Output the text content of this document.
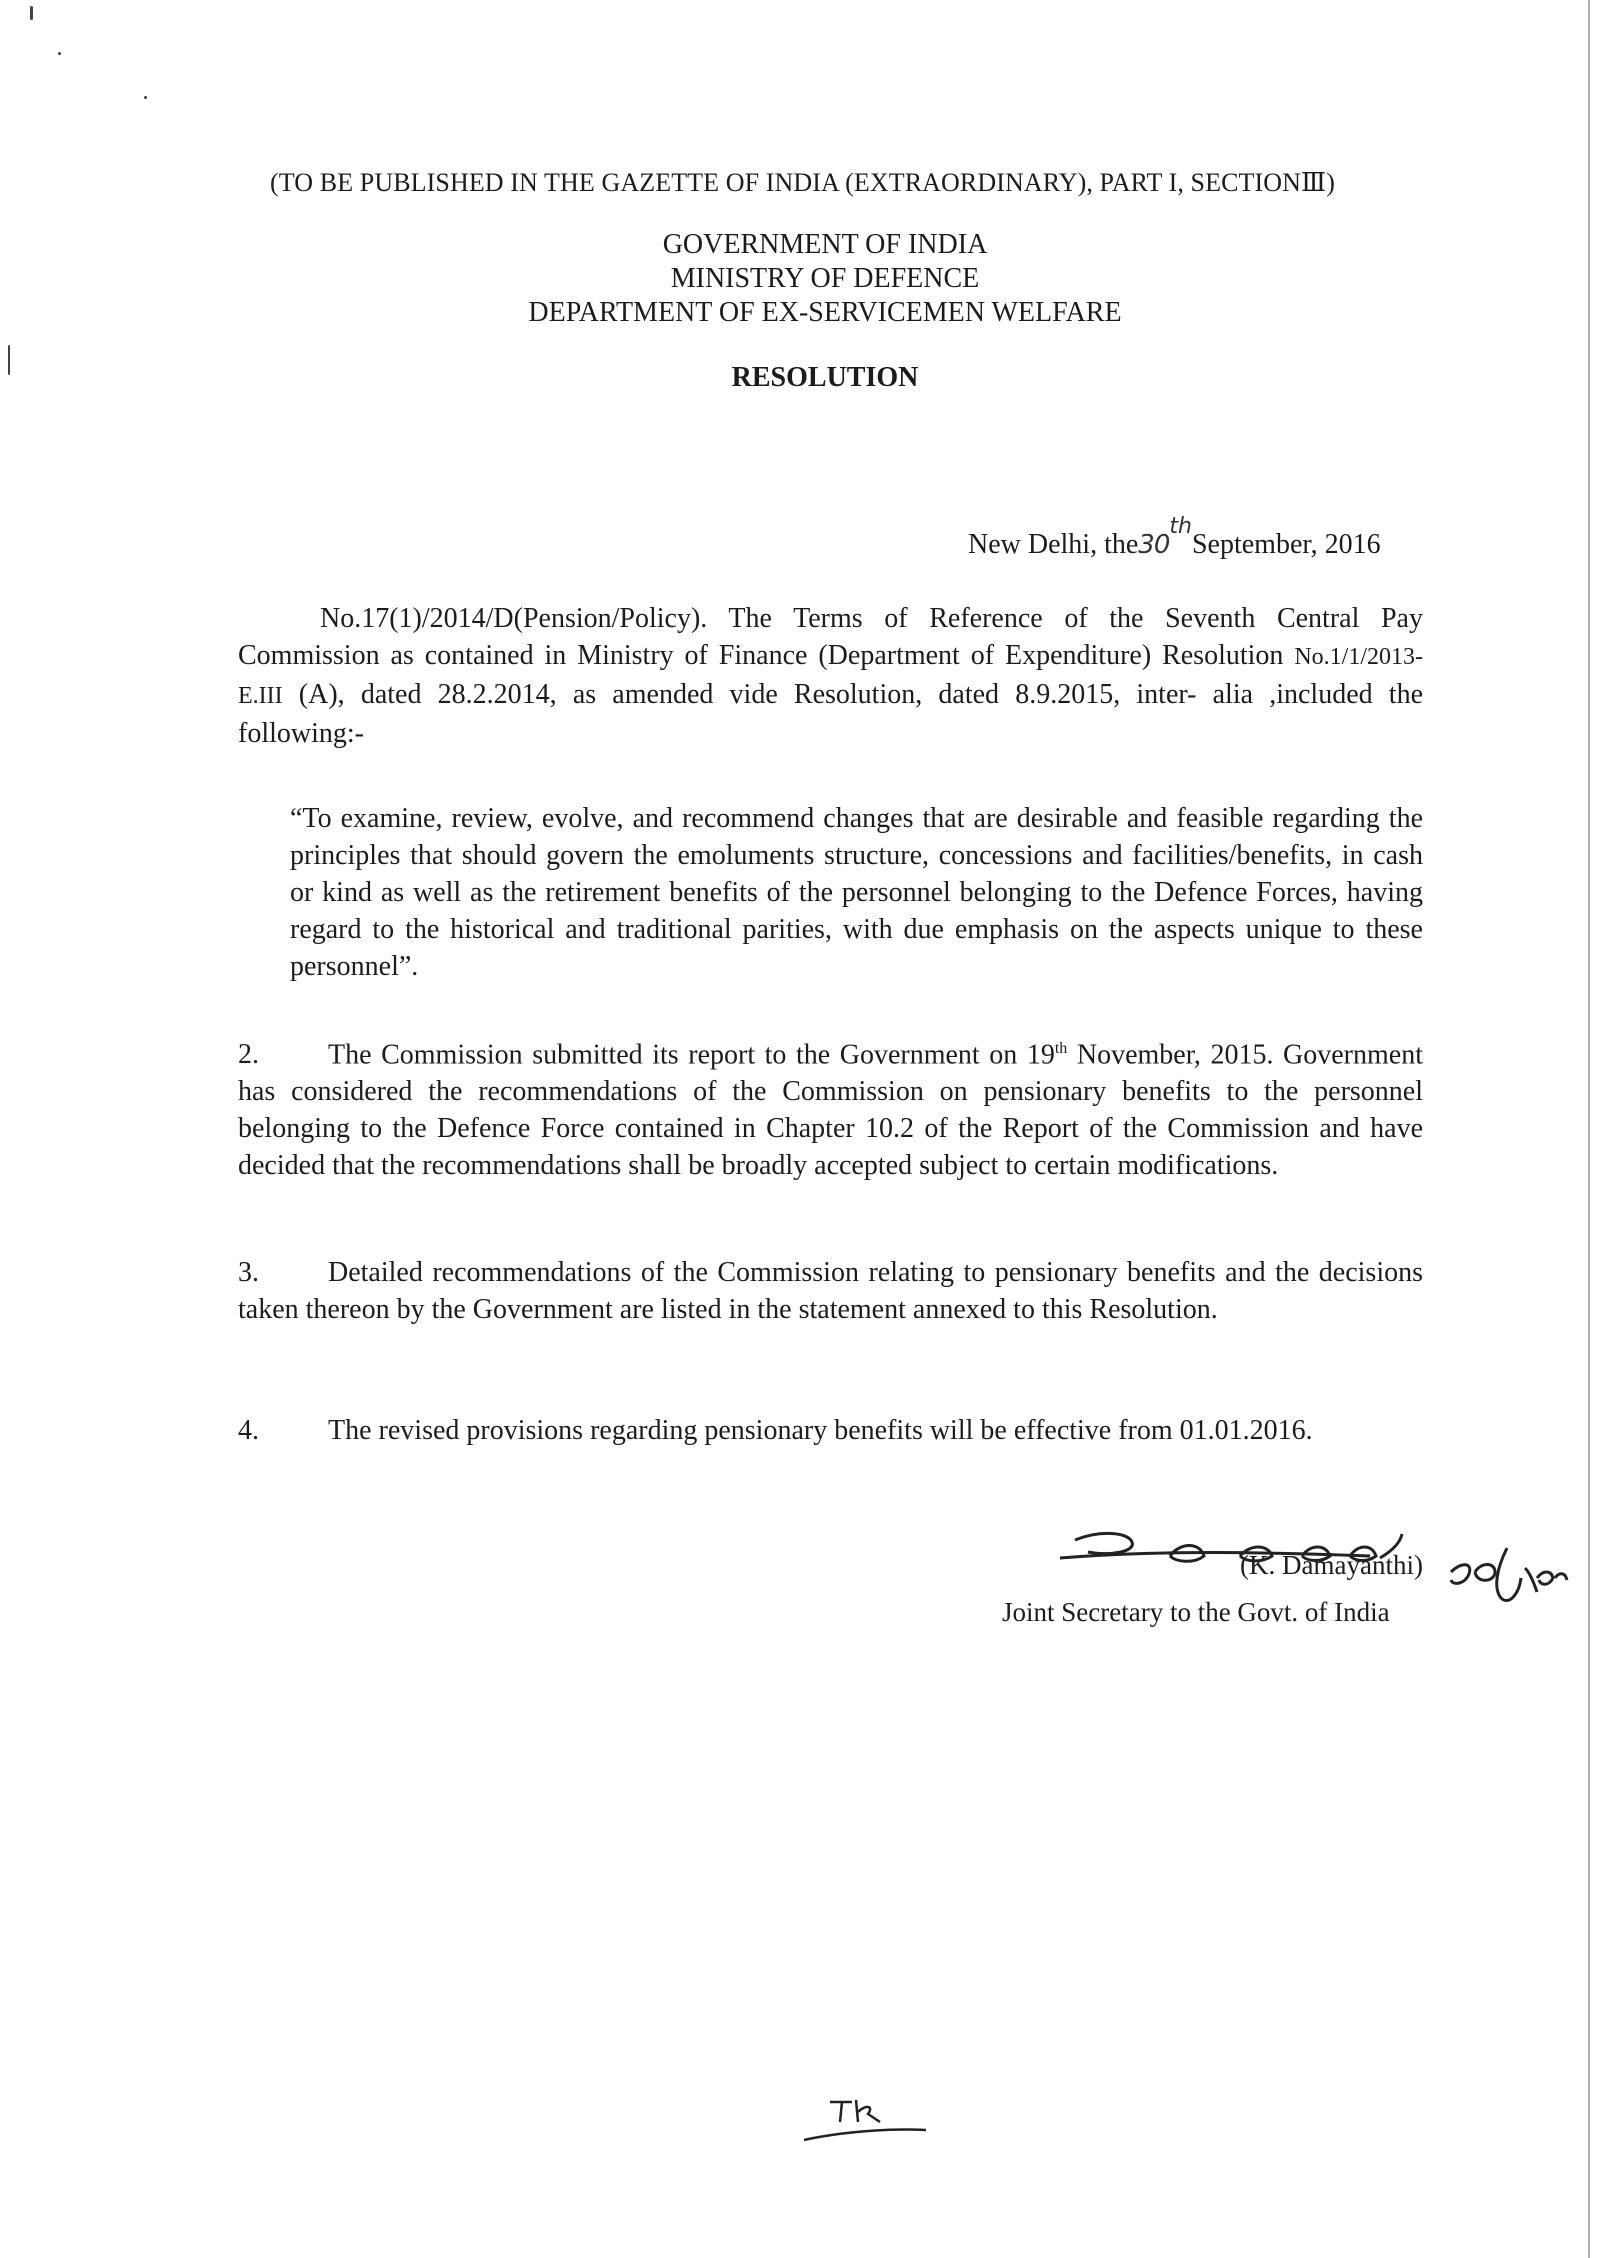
(TO BE PUBLISHED IN THE GAZETTE OF INDIA (EXTRAORDINARY), PART I, SECTIONⅢ)
GOVERNMENT OF INDIA
MINISTRY OF DEFENCE
DEPARTMENT OF EX-SERVICEMEN WELFARE
RESOLUTION
New Delhi, the30thSeptember, 2016
No.17(1)/2014/D(Pension/Policy). The Terms of Reference of the Seventh Central Pay Commission as contained in Ministry of Finance (Department of Expenditure) Resolution No.1/1/2013-E.III (A), dated 28.2.2014, as amended vide Resolution, dated 8.9.2015, inter- alia ,included the following:-
“To examine, review, evolve, and recommend changes that are desirable and feasible regarding the principles that should govern the emoluments structure, concessions and facilities/benefits, in cash or kind as well as the retirement benefits of the personnel belonging to the Defence Forces, having regard to the historical and traditional parities, with due emphasis on the aspects unique to these personnel”.
2. The Commission submitted its report to the Government on 19th November, 2015. Government has considered the recommendations of the Commission on pensionary benefits to the personnel belonging to the Defence Force contained in Chapter 10.2 of the Report of the Commission and have decided that the recommendations shall be broadly accepted subject to certain modifications.
3. Detailed recommendations of the Commission relating to pensionary benefits and the decisions taken thereon by the Government are listed in the statement annexed to this Resolution.
4. The revised provisions regarding pensionary benefits will be effective from 01.01.2016.
(K. Damayanthi)
Joint Secretary to the Govt. of India
